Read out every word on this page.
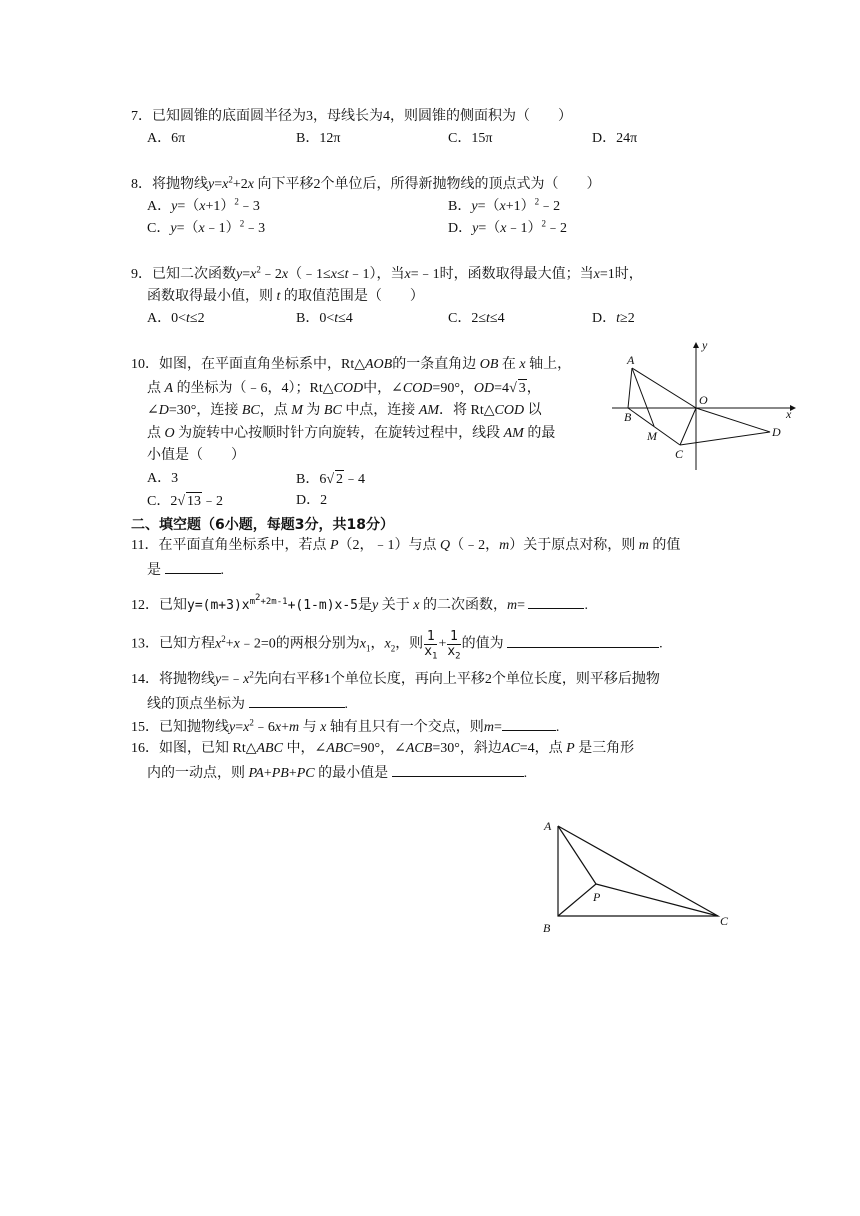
7．已知圆锥的底面圆半径为3，母线长为4，则圆锥的侧面积为（　　）
A．6π	B．12π	C．15π	D．24π
8．将抛物线$y=x^2+2x$ 向下平移2个单位后，所得新抛物线的顶点式为（　　）
A．$y=(x+1)^2﹣3$	B．$y=(x+1)^2﹣2$
C．y=（x﹣1）$^2$﹣3	D．y=（x﹣1）$^2$﹣2
9．已知二次函数$y=x^2﹣2x(﹣1\le x\le t﹣1)$，当x=﹣1时，函数取得最大值；当x=1时，
函数取得最小值，则 t 的取值范围是（　　）
A．0<t≤2	B．0<t≤4	C．2≤t≤4	D．t≥2
10．如图，在平面直角坐标系中，Rt△AOB的一条直角边 OB 在 x 轴上，
点 A 的坐标为（﹣6，4）；Rt△COD中，∠COD=90°，OD=4√ 3，
∠D=30°，连接 BC，点 M 为 BC 中点，连接 AM．将 Rt△COD 以
点 O 为旋转中心按顺时针方向旋转，在旋转过程中，线段 AM 的最
小值是（　　）
A．3	B．6√ 2﹣4
C．2√ 13﹣2	D．2
A
B
M
C
O
D
x
y
二、填空题（6小题，每题3分，共18分）
11．在平面直角坐标系中，若点 P（2，﹣1）与点 Q（﹣2，m）关于原点对称，则 m 的值
是	.
12．已知$y=(m+3)x^{m^2+2m-1}+(1-m)x-5$是y 关于 x 的二次函数，m=	.
13．已知方程$x^2+x﹣2=0$的两根分别为$x_1$，$x_2$，则 $\frac{1}{x_1} + \frac{1}{x_2}$ 的值为	.
14．将抛物线$y=﹣x^2$先向右平移1个单位长度，再向上平移2个单位长度，则平移后抛物
线的顶点坐标为	.
15．已知抛物线$y=x^2﹣6x+m$ 与 x 轴有且只有一个交点，则m=	.
16．如图，已知 Rt△ABC 中，∠ABC=90°，∠ACB=30°，斜边AC=4，点 P 是三角形
内的一动点，则 PA+PB+PC 的最小值是	.
A
P
B	C
